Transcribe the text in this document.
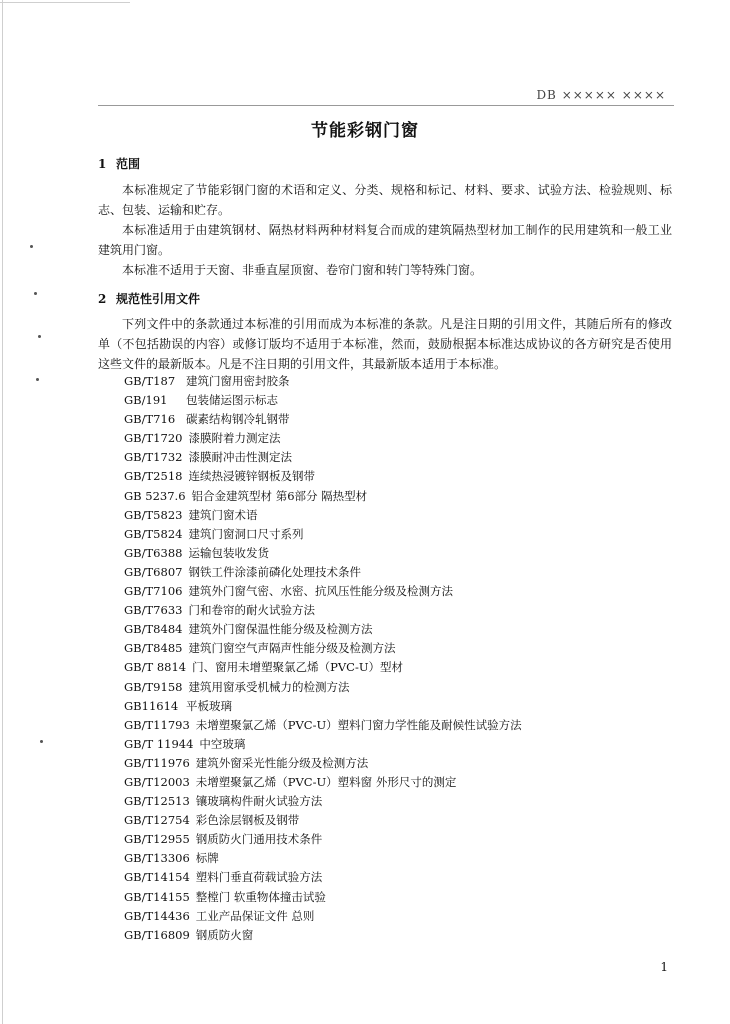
DB ××××× ××××
节能彩钢门窗
1 范围

本标准规定了节能彩钢门窗的术语和定义、分类、规格和标记、材料、要求、试验方法、检验规则、标志、包装、运输和贮存。

本标准适用于由建筑钢材、隔热材料两种材料复合而成的建筑隔热型材加工制作的民用建筑和一般工业建筑用门窗。

本标准不适用于天窗、非垂直屋顶窗、卷帘门窗和转门等特殊门窗。

2 规范性引用文件

下列文件中的条款通过本标准的引用而成为本标准的条款。凡是注日期的引用文件，其随后所有的修改单（不包括勘误的内容）或修订版均不适用于本标准，然而，鼓励根据本标准达成协议的各方研究是否使用这些文件的最新版本。凡是不注日期的引用文件，其最新版本适用于本标准。

GB/T187 建筑门窗用密封胶条
GB/191 包装储运图示标志
GB/T716 碳素结构钢冷轧钢带
GB/T1720 漆膜附着力测定法
GB/T1732 漆膜耐冲击性测定法
GB/T2518 连续热浸镀锌钢板及钢带
GB 5237.6 铝合金建筑型材 第6部分 隔热型材
GB/T5823 建筑门窗术语
GB/T5824 建筑门窗洞口尺寸系列
GB/T6388 运输包装收发货
GB/T6807 钢铁工件涂漆前磷化处理技术条件
GB/T7106 建筑外门窗气密、水密、抗风压性能分级及检测方法
GB/T7633 门和卷帘的耐火试验方法
GB/T8484 建筑外门窗保温性能分级及检测方法
GB/T8485 建筑门窗空气声隔声性能分级及检测方法
GB/T 8814 门、窗用未增塑聚氯乙烯（PVC-U）型材
GB/T9158 建筑用窗承受机械力的检测方法
GB11614 平板玻璃
GB/T11793 未增塑聚氯乙烯（PVC-U）塑料门窗力学性能及耐候性试验方法
GB/T 11944 中空玻璃
GB/T11976 建筑外窗采光性能分级及检测方法
GB/T12003 未增塑聚氯乙烯（PVC-U）塑料窗 外形尺寸的测定
GB/T12513 镶玻璃构件耐火试验方法
GB/T12754 彩色涂层钢板及钢带
GB/T12955 钢质防火门通用技术条件
GB/T13306 标牌
GB/T14154 塑料门垂直荷载试验方法
GB/T14155 整樘门 软重物体撞击试验
GB/T14436 工业产品保证文件 总则
GB/T16809 钢质防火窗
1
